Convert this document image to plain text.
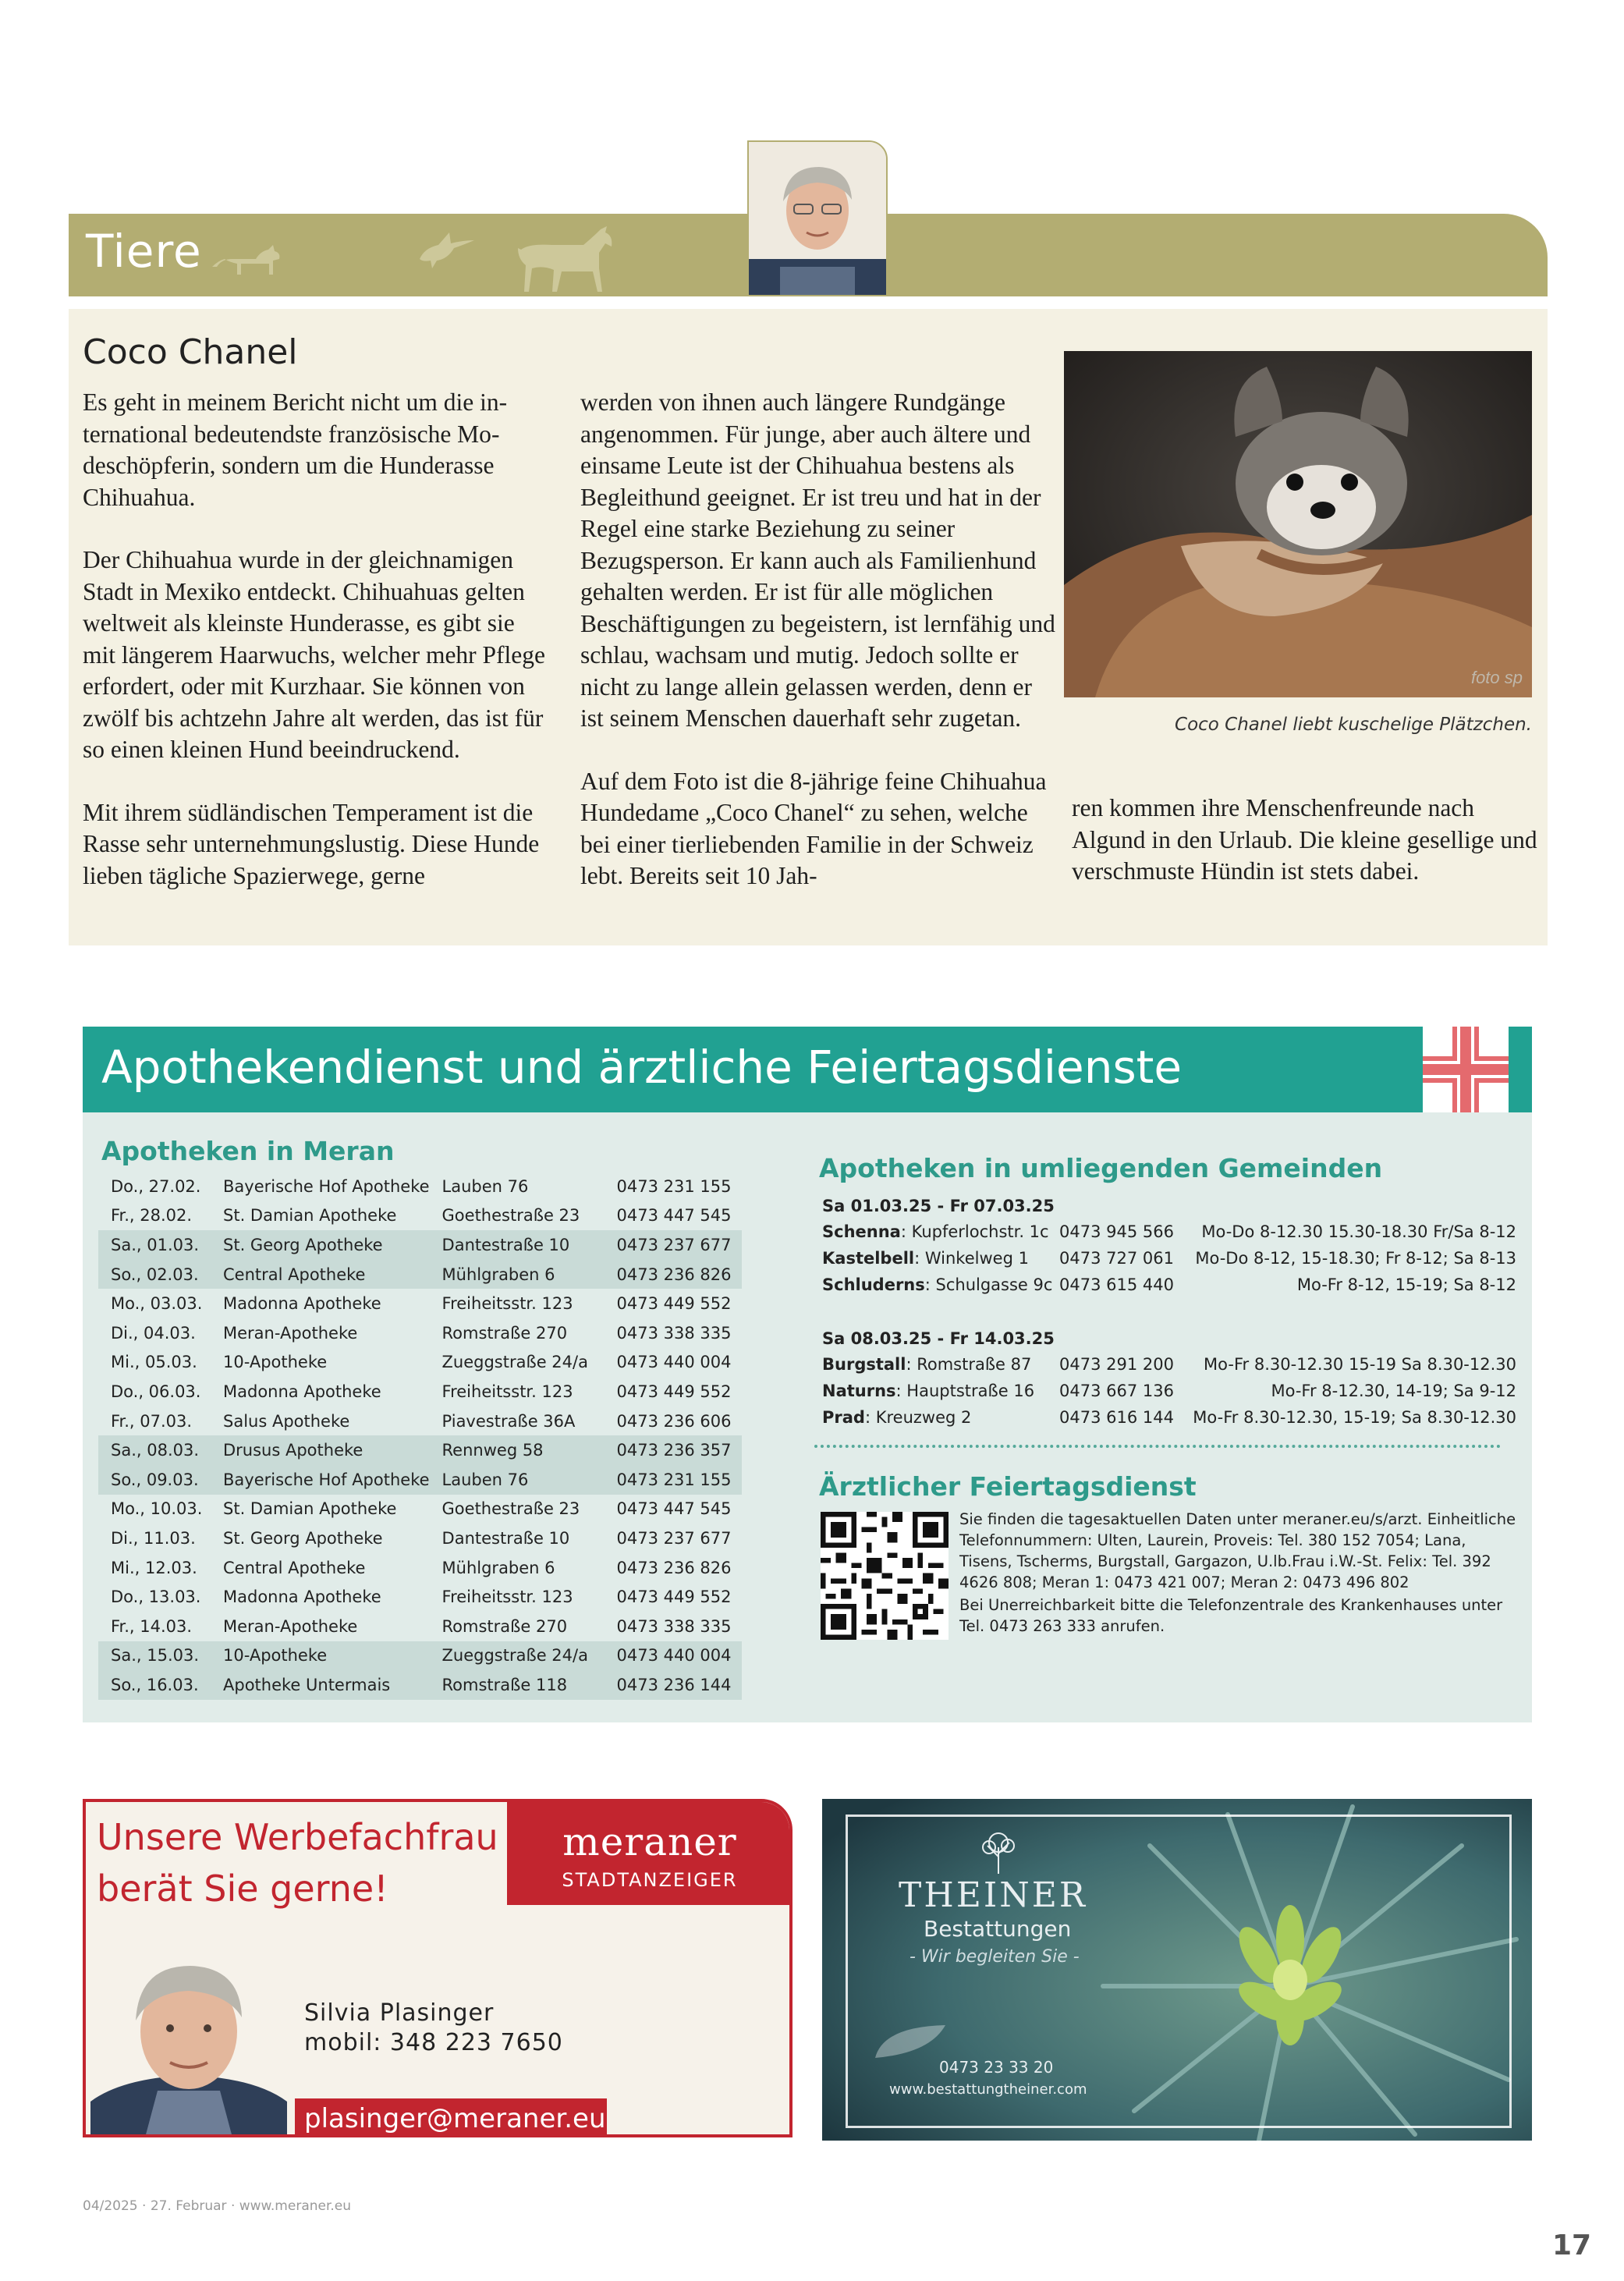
Tiere
Coco Chanel

Es geht in meinem Bericht nicht um die international bedeutendste französische Modeschöpferin, sondern um die Hunderasse Chihuahua.

Der Chihuahua wurde in der gleichnamigen Stadt in Mexiko entdeckt. Chihuahuas gelten weltweit als kleinste Hunderasse, es gibt sie mit längerem Haarwuchs, welcher mehr Pflege erfordert, oder mit Kurzhaar. Sie können von zwölf bis achtzehn Jahre alt werden, das ist für so einen kleinen Hund beeindruckend.

Mit ihrem südländischen Temperament ist die Rasse sehr unternehmungslustig. Diese Hunde lieben tägliche Spazierwege, gerne

werden von ihnen auch längere Rundgänge angenommen. Für junge, aber auch ältere und einsame Leute ist der Chihuahua bestens als Begleithund geeignet. Er ist treu und hat in der Regel eine starke Beziehung zu seiner Bezugsperson. Er kann auch als Familienhund gehalten werden. Er ist für alle möglichen Beschäftigungen zu begeistern, ist lernfähig und schlau, wachsam und mutig. Jedoch sollte er nicht zu lange allein gelassen werden, denn er ist seinem Menschen dauerhaft sehr zugetan.

Auf dem Foto ist die 8-jährige feine Chihuahua Hundedame „Coco Chanel“ zu sehen, welche bei einer tierliebenden Familie in der Schweiz lebt. Bereits seit 10 Jah-

foto sp
Coco Chanel liebt kuschelige Plätzchen.

ren kommen ihre Menschenfreunde nach Algund in den Urlaub. Die kleine gesellige und verschmuste Hündin ist stets dabei.

Apothekendienst und ärztliche Feiertagsdienste
Apotheken in Meran
Do., 27.02.	Bayerische Hof Apotheke	Lauben 76	0473 231 155
Fr., 28.02.	St. Damian Apotheke	Goethestraße 23	0473 447 545
Sa., 01.03.	St. Georg Apotheke	Dantestraße 10	0473 237 677
So., 02.03.	Central Apotheke	Mühlgraben 6	0473 236 826
Mo., 03.03.	Madonna Apotheke	Freiheitsstr. 123	0473 449 552
Di., 04.03.	Meran-Apotheke	Romstraße 270	0473 338 335
Mi., 05.03.	10-Apotheke	Zueggstraße 24/a	0473 440 004
Do., 06.03.	Madonna Apotheke	Freiheitsstr. 123	0473 449 552
Fr., 07.03.	Salus Apotheke	Piavestraße 36A	0473 236 606
Sa., 08.03.	Drusus Apotheke	Rennweg 58	0473 236 357
So., 09.03.	Bayerische Hof Apotheke	Lauben 76	0473 231 155
Mo., 10.03.	St. Damian Apotheke	Goethestraße 23	0473 447 545
Di., 11.03.	St. Georg Apotheke	Dantestraße 10	0473 237 677
Mi., 12.03.	Central Apotheke	Mühlgraben 6	0473 236 826
Do., 13.03.	Madonna Apotheke	Freiheitsstr. 123	0473 449 552
Fr., 14.03.	Meran-Apotheke	Romstraße 270	0473 338 335
Sa., 15.03.	10-Apotheke	Zueggstraße 24/a	0473 440 004
So., 16.03.	Apotheke Untermais	Romstraße 118	0473 236 144
Apotheken in umliegenden Gemeinden
Sa 01.03.25 - Fr 07.03.25
Schenna: Kupferlochstr. 1c 0473 945 566 Mo-Do 8-12.30 15.30-18.30 Fr/Sa 8-12
Kastelbell: Winkelweg 1 0473 727 061 Mo-Do 8-12, 15-18.30; Fr 8-12; Sa 8-13
Schluderns: Schulgasse 9c 0473 615 440	Mo-Fr 8-12, 15-19; Sa 8-12
Sa 08.03.25 - Fr 14.03.25
Burgstall: Romstraße 87 0473 291 200 Mo-Fr 8.30-12.30 15-19 Sa 8.30-12.30
Naturns: Hauptstraße 16 0473 667 136	Mo-Fr 8-12.30, 14-19; Sa 9-12
Prad: Kreuzweg 2	0473 616 144 Mo-Fr 8.30-12.30, 15-19; Sa 8.30-12.30
Ärztlicher Feiertagsdienst

Sie finden die tagesaktuellen Daten unter meraner.eu/s/arzt. Einheitliche Telefonnummern: Ulten, Laurein, Proveis: Tel. 380 152 7054; Lana, Tisens, Tscherms, Burgstall, Gargazon, U.lb.Frau i.W.-St. Felix: Tel. 392 4626 808; Meran 1: 0473 421 007; Meran 2: 0473 496 802

Bei Unerreichbarkeit bitte die Telefonzentrale des Krankenhauses unter Tel. 0473 263 333 anrufen.

Unsere Werbefachfrau
berät Sie gerne!
meraner
STADTANZEIGER
Silvia Plasinger
mobil: 348 223 7650
plasinger@meraner.eu
THEINER
Bestattungen
- Wir begleiten Sie -
0473 23 33 20
www.bestattungtheiner.com
04/2025 · 27. Februar · www.meraner.eu
17
